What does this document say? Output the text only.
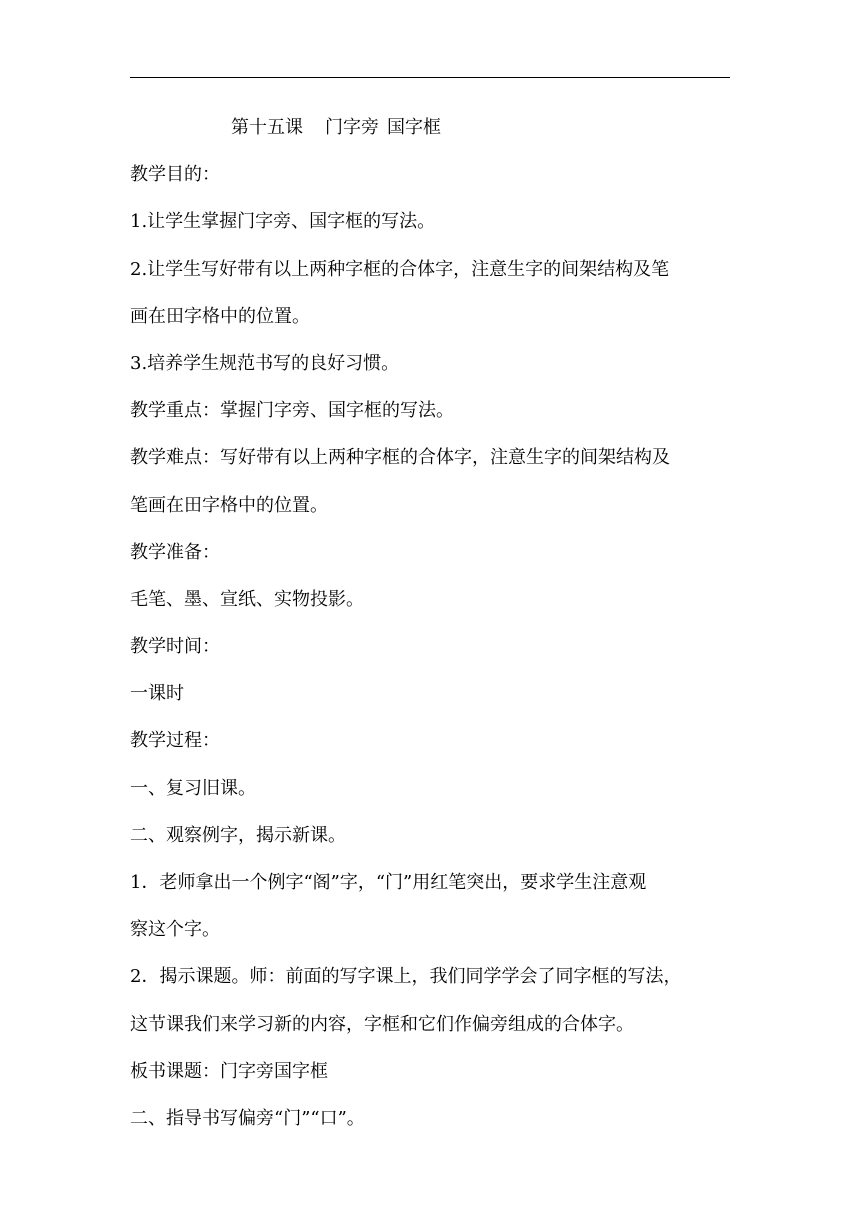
第十五课 门字旁 国字框
教学目的：
1.让学生掌握门字旁、国字框的写法。
2.让学生写好带有以上两种字框的合体字，注意生字的间架结构及笔
画在田字格中的位置。
3.培养学生规范书写的良好习惯。
教学重点：掌握门字旁、国字框的写法。
教学难点：写好带有以上两种字框的合体字，注意生字的间架结构及
笔画在田字格中的位置。
教学准备：
毛笔、墨、宣纸、实物投影。
教学时间：
一课时
教学过程：
一、复习旧课。
二、观察例字，揭示新课。
1．老师拿出一个例字“阁”字，“门”用红笔突出，要求学生注意观
察这个字。
2．揭示课题。师：前面的写字课上，我们同学学会了同字框的写法，
这节课我们来学习新的内容，字框和它们作偏旁组成的合体字。
板书课题：门字旁国字框
二、指导书写偏旁“门”“口”。
